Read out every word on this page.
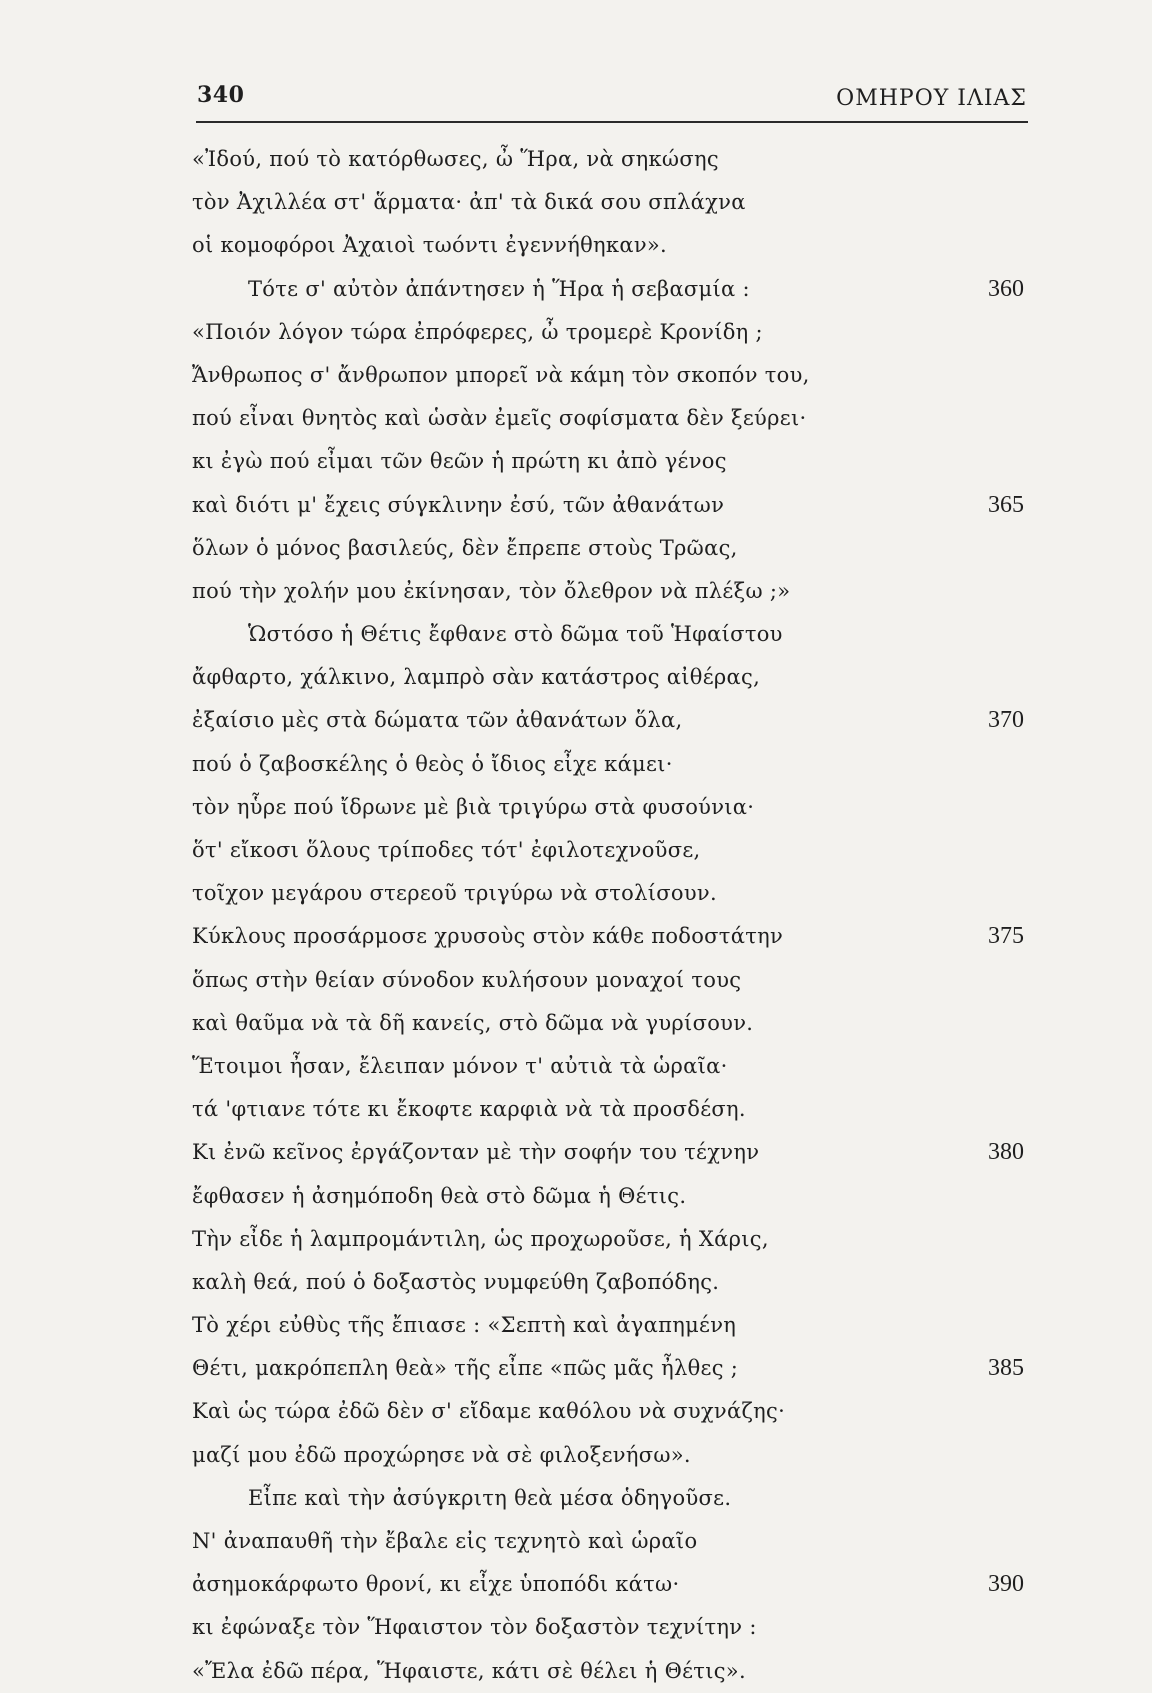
340	ΟΜΗΡΟΥ ΙΛΙΑΣ
«Ἰδού, πού τὸ κατόρθωσες, ὦ Ἥρα, νὰ σηκώσης
τὸν Ἀχιλλέα στ' ἅρματα· ἀπ' τὰ δικά σου σπλάχνα
οἱ κομοφόροι Ἀχαιοὶ τωόντι ἐγεννήθηκαν».
Τότε σ' αὐτὸν ἀπάντησεν ἡ Ἥρα ἡ σεβασμία :	360
«Ποιόν λόγον τώρα ἐπρόφερες, ὦ τρομερὲ Κρονίδη ;
Ἄνθρωπος σ' ἄνθρωπον μπορεῖ νὰ κάμη τὸν σκοπόν του,
πού εἶναι θνητὸς καὶ ὡσὰν ἐμεῖς σοφίσματα δὲν ξεύρει·
κι ἐγὼ πού εἶμαι τῶν θεῶν ἡ πρώτη κι ἀπὸ γένος
καὶ διότι μ' ἔχεις σύγκλινην ἐσύ, τῶν ἀθανάτων	365
ὅλων ὁ μόνος βασιλεύς, δὲν ἔπρεπε στοὺς Τρῶας,
πού τὴν χολήν μου ἐκίνησαν, τὸν ὄλεθρον νὰ πλέξω ;»
Ὡστόσο ἡ Θέτις ἔφθανε στὸ δῶμα τοῦ Ἡφαίστου
ἄφθαρτο, χάλκινο, λαμπρὸ σὰν κατάστρος αἰθέρας,
ἐξαίσιο μὲς στὰ δώματα τῶν ἀθανάτων ὅλα,	370
πού ὁ ζαβοσκέλης ὁ θεὸς ὁ ἴδιος εἶχε κάμει·
τὸν ηὗρε πού ἴδρωνε μὲ βιὰ τριγύρω στὰ φυσούνια·
ὅτ' εἴκοσι ὅλους τρίποδες τότ' ἐφιλοτεχνοῦσε,
τοῖχον μεγάρου στερεοῦ τριγύρω νὰ στολίσουν.
Κύκλους προσάρμοσε χρυσοὺς στὸν κάθε ποδοστάτην	375
ὅπως στὴν θείαν σύνοδον κυλήσουν μοναχοί τους
καὶ θαῦμα νὰ τὰ δῆ κανείς, στὸ δῶμα νὰ γυρίσουν.
Ἕτοιμοι ἦσαν, ἔλειπαν μόνον τ' αὐτιὰ τὰ ὡραῖα·
τά 'φτιανε τότε κι ἔκοφτε καρφιὰ νὰ τὰ προσδέση.
Κι ἐνῶ κεῖνος ἐργάζονταν μὲ τὴν σοφήν του τέχνην	380
ἔφθασεν ἡ ἀσημόποδη θεὰ στὸ δῶμα ἡ Θέτις.
Τὴν εἶδε ἡ λαμπρομάντιλη, ὡς προχωροῦσε, ἡ Χάρις,
καλὴ θεά, πού ὁ δοξαστὸς νυμφεύθη ζαβοπόδης.
Τὸ χέρι εὐθὺς τῆς ἔπιασε : «Σεπτὴ καὶ ἀγαπημένη
Θέτι, μακρόπεπλη θεὰ» τῆς εἶπε «πῶς μᾶς ἦλθες ;	385
Καὶ ὡς τώρα ἐδῶ δὲν σ' εἴδαμε καθόλου νὰ συχνάζης·
μαζί μου ἐδῶ προχώρησε νὰ σὲ φιλοξενήσω».
Εἶπε καὶ τὴν ἀσύγκριτη θεὰ μέσα ὁδηγοῦσε.
Ν' ἀναπαυθῆ τὴν ἔβαλε εἰς τεχνητὸ καὶ ὡραῖο
ἀσημοκάρφωτο θρονί, κι εἶχε ὑποπόδι κάτω·	390
κι ἐφώναξε τὸν Ἥφαιστον τὸν δοξαστὸν τεχνίτην :
«Ἔλα ἐδῶ πέρα, Ἥφαιστε, κάτι σὲ θέλει ἡ Θέτις».
